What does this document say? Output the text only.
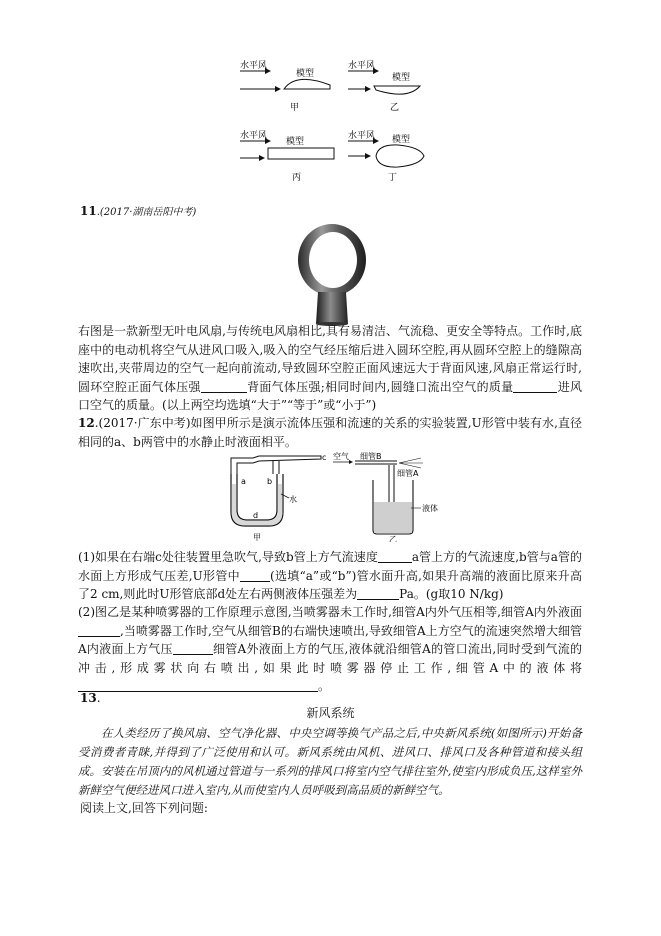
水平风
模型
甲
水平风
模型
乙
水平风
模型
丙
水平风 模型
丁
11.(2017·湖南岳阳中考)
右图是一款新型无叶电风扇,与传统电风扇相比,具有易清洁、气流稳、更安全等特点。工作时,底座中的电动机将空气从进风口吸入,吸入的空气经压缩后进入圆环空腔,再从圆环空腔上的缝隙高速吹出,夹带周边的空气一起向前流动,导致圆环空腔正面风速远大于背面风速,风扇正常运行时,圆环空腔正面气体压强	背面气体压强;相同时间内,圆缝口流出空气的质量	进风口空气的质量。(以上两空均选填“大于”“等于”或“小于”)
12.(2017·广东中考)如图甲所示是演示流体压强和流速的关系的实验装置,U形管中装有水,直径相同的a、b两管中的水静止时液面相平。
c
a	b
水
d
甲
空气 细管B
细管A
液体
乙
(1)如果在右端c处往装置里急吹气,导致b管上方气流速度	a管上方的气流速度,b管与a管的水面上方形成气压差,U形管中	(选填“a”或“b”)管水面升高,如果升高端的液面比原来升高了2 cm,则此时U形管底部d处左右两侧液体压强差为	Pa。(g取10 N/kg)
(2)图乙是某种喷雾器的工作原理示意图,当喷雾器未工作时,细管A内外气压相等,细管A内外液面,当喷雾器工作时,空气从细管B的右端快速喷出,导致细管A上方空气的流速突然增大细管A内液面上方气压	细管A外液面上方的气压,液体就沿细管A的管口流出,同时受到气流的冲击,形成雾状向右喷出,如果此时喷雾器停止工作,细管A中的液体将。
13.
新风系统
在人类经历了换风扇、空气净化器、中央空调等换气产品之后,中央新风系统(如图所示)开始备受消费者青睐,并得到了广泛使用和认可。新风系统由风机、进风口、排风口及各种管道和接头组成。安装在吊顶内的风机通过管道与一系列的排风口将室内空气排往室外,使室内形成负压,这样室外新鲜空气便经进风口进入室内,从而使室内人员呼吸到高品质的新鲜空气。
阅读上文,回答下列问题:
